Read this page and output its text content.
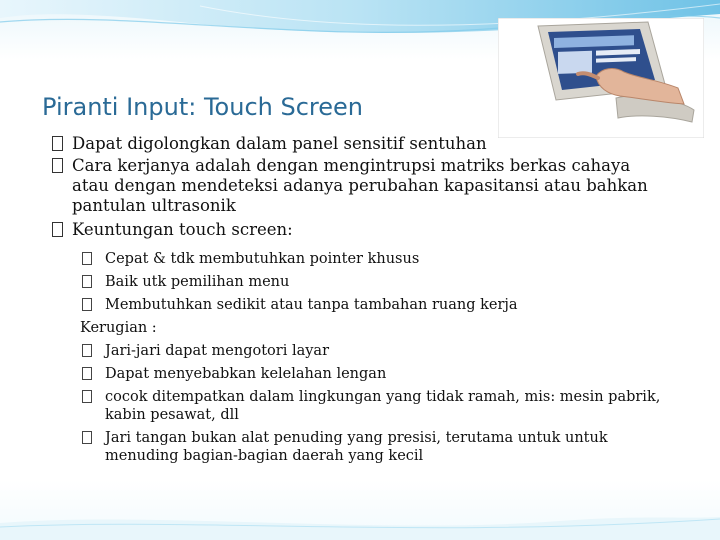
Piranti Input: Touch Screen
Dapat digolongkan dalam panel sensitif sentuhan
Cara kerjanya adalah dengan mengintrupsi matriks berkas cahaya atau dengan mendeteksi adanya perubahan kapasitansi atau bahkan pantulan ultrasonik
Keuntungan touch screen:
Cepat & tdk membutuhkan pointer khusus
Baik utk pemilihan menu
Membutuhkan sedikit atau tanpa tambahan ruang kerja
Kerugian :
Jari-jari dapat mengotori layar
Dapat menyebabkan kelelahan lengan
cocok ditempatkan dalam lingkungan yang tidak ramah, mis: mesin pabrik, kabin pesawat, dll
Jari tangan bukan alat penuding yang presisi, terutama untuk untuk menuding bagian-bagian daerah yang kecil
